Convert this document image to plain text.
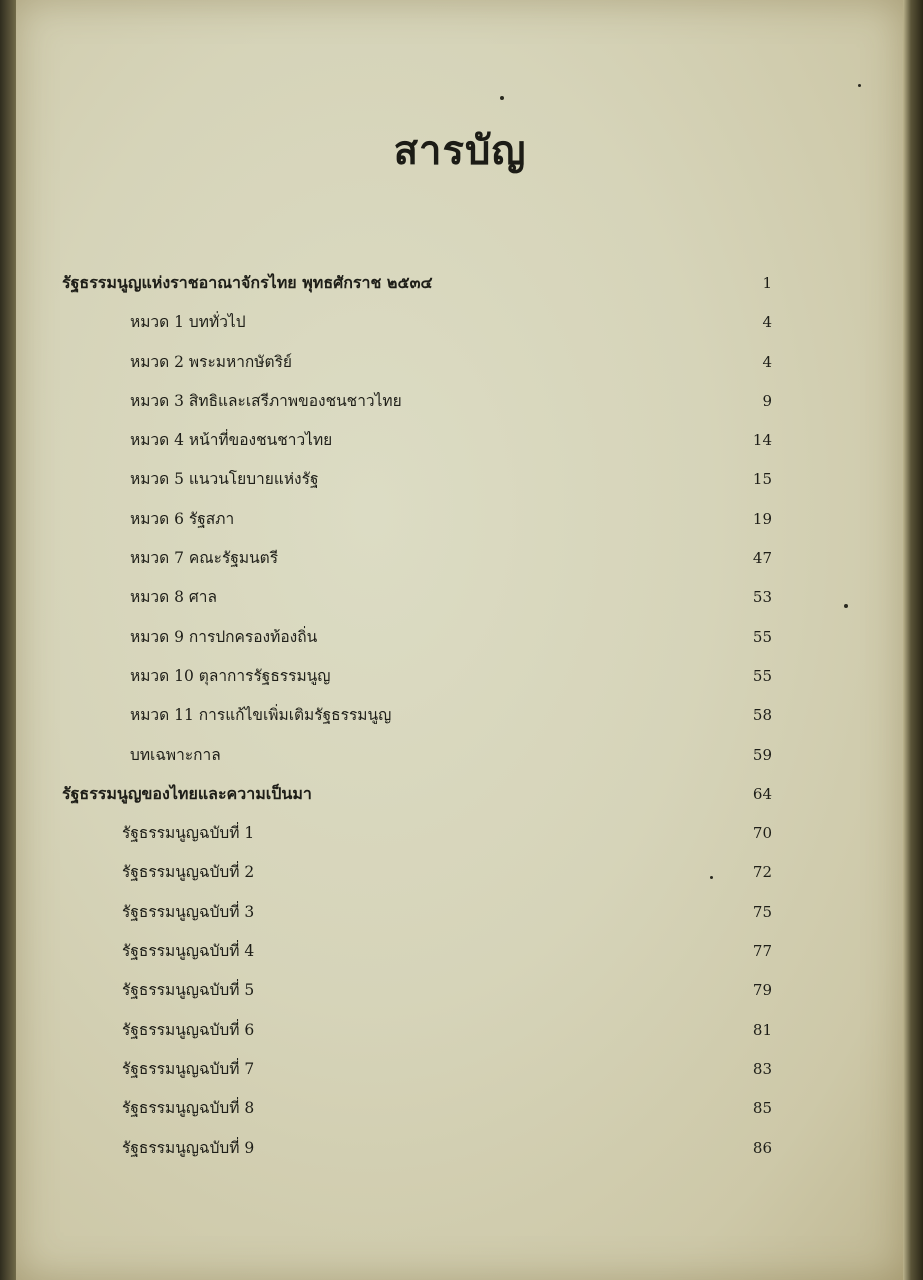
สารบัญ
รัฐธรรมนูญแห่งราชอาณาจักรไทย พุทธศักราช ๒๕๓๔	1
หมวด 1 บททั่วไป	4
หมวด 2 พระมหากษัตริย์	4
หมวด 3 สิทธิและเสรีภาพของชนชาวไทย	9
หมวด 4 หน้าที่ของชนชาวไทย	14
หมวด 5 แนวนโยบายแห่งรัฐ	15
หมวด 6 รัฐสภา	19
หมวด 7 คณะรัฐมนตรี	47
หมวด 8 ศาล	53
หมวด 9 การปกครองท้องถิ่น	55
หมวด 10 ตุลาการรัฐธรรมนูญ	55
หมวด 11 การแก้ไขเพิ่มเติมรัฐธรรมนูญ	58
บทเฉพาะกาล	59
รัฐธรรมนูญของไทยและความเป็นมา	64
รัฐธรรมนูญฉบับที่ 1	70
รัฐธรรมนูญฉบับที่ 2	72
รัฐธรรมนูญฉบับที่ 3	75
รัฐธรรมนูญฉบับที่ 4	77
รัฐธรรมนูญฉบับที่ 5	79
รัฐธรรมนูญฉบับที่ 6	81
รัฐธรรมนูญฉบับที่ 7	83
รัฐธรรมนูญฉบับที่ 8	85
รัฐธรรมนูญฉบับที่ 9	86
